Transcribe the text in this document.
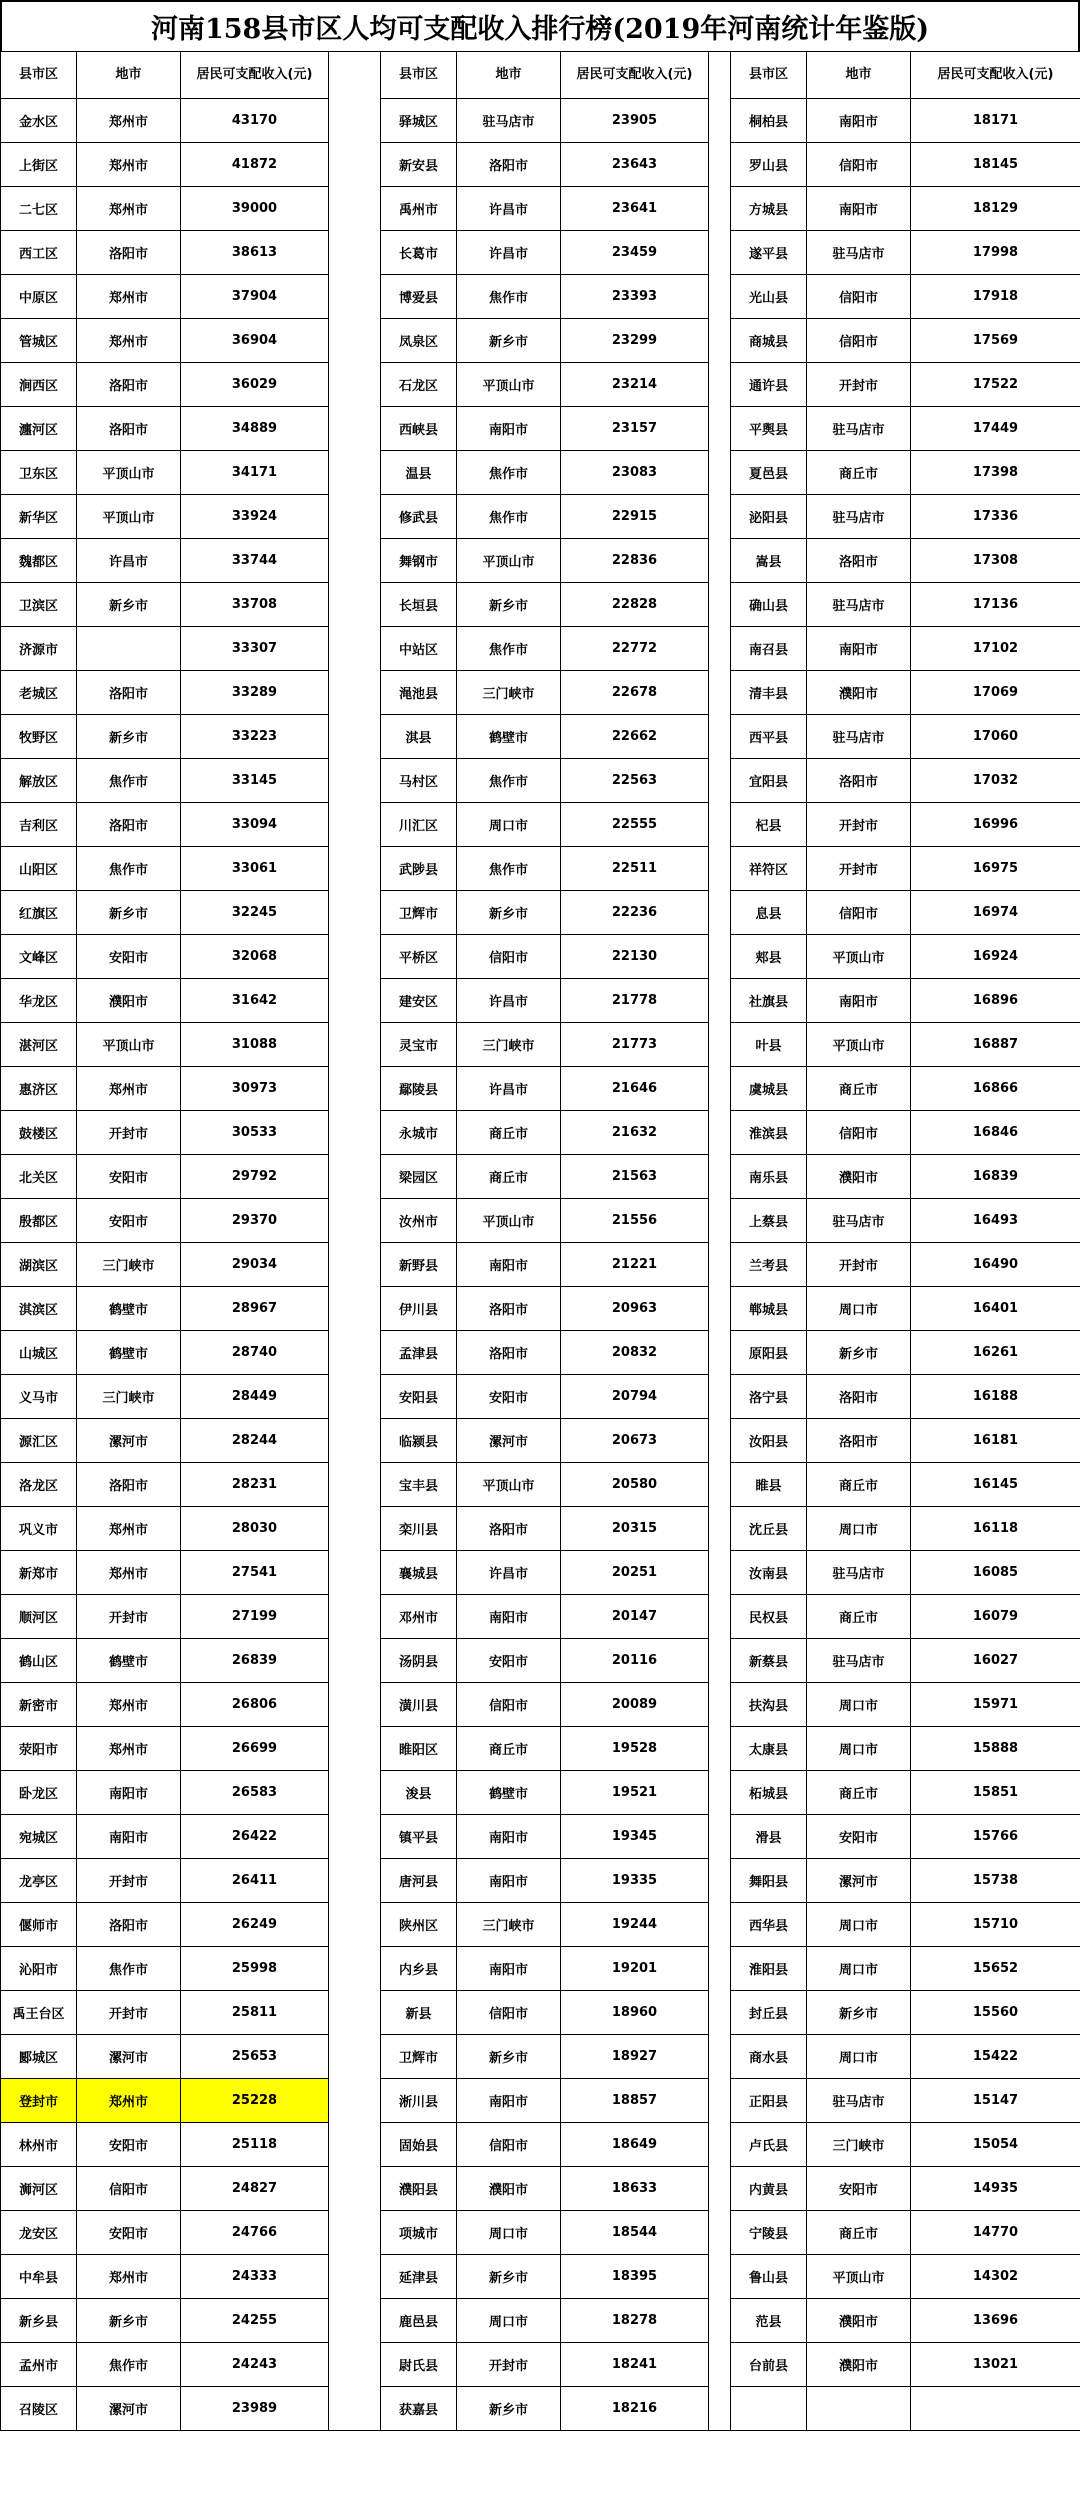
河南158县市区人均可支配收入排行榜(2019年河南统计年鉴版)
县市区	地市	居民可支配收入(元)		县市区	地市	居民可支配收入(元)		县市区	地市	居民可支配收入(元)
金水区	郑州市	43170		驿城区	驻马店市	23905		桐柏县	南阳市	18171
上街区	郑州市	41872		新安县	洛阳市	23643		罗山县	信阳市	18145
二七区	郑州市	39000		禹州市	许昌市	23641		方城县	南阳市	18129
西工区	洛阳市	38613		长葛市	许昌市	23459		遂平县	驻马店市	17998
中原区	郑州市	37904		博爱县	焦作市	23393		光山县	信阳市	17918
管城区	郑州市	36904		凤泉区	新乡市	23299		商城县	信阳市	17569
涧西区	洛阳市	36029		石龙区	平顶山市	23214		通许县	开封市	17522
瀍河区	洛阳市	34889		西峡县	南阳市	23157		平舆县	驻马店市	17449
卫东区	平顶山市	34171		温县	焦作市	23083		夏邑县	商丘市	17398
新华区	平顶山市	33924		修武县	焦作市	22915		泌阳县	驻马店市	17336
魏都区	许昌市	33744		舞钢市	平顶山市	22836		嵩县	洛阳市	17308
卫滨区	新乡市	33708		长垣县	新乡市	22828		确山县	驻马店市	17136
济源市		33307		中站区	焦作市	22772		南召县	南阳市	17102
老城区	洛阳市	33289		渑池县	三门峡市	22678		清丰县	濮阳市	17069
牧野区	新乡市	33223		淇县	鹤壁市	22662		西平县	驻马店市	17060
解放区	焦作市	33145		马村区	焦作市	22563		宜阳县	洛阳市	17032
吉利区	洛阳市	33094		川汇区	周口市	22555		杞县	开封市	16996
山阳区	焦作市	33061		武陟县	焦作市	22511		祥符区	开封市	16975
红旗区	新乡市	32245		卫辉市	新乡市	22236		息县	信阳市	16974
文峰区	安阳市	32068		平桥区	信阳市	22130		郏县	平顶山市	16924
华龙区	濮阳市	31642		建安区	许昌市	21778		社旗县	南阳市	16896
湛河区	平顶山市	31088		灵宝市	三门峡市	21773		叶县	平顶山市	16887
惠济区	郑州市	30973		鄢陵县	许昌市	21646		虞城县	商丘市	16866
鼓楼区	开封市	30533		永城市	商丘市	21632		淮滨县	信阳市	16846
北关区	安阳市	29792		梁园区	商丘市	21563		南乐县	濮阳市	16839
殷都区	安阳市	29370		汝州市	平顶山市	21556		上蔡县	驻马店市	16493
湖滨区	三门峡市	29034		新野县	南阳市	21221		兰考县	开封市	16490
淇滨区	鹤壁市	28967		伊川县	洛阳市	20963		郸城县	周口市	16401
山城区	鹤壁市	28740		孟津县	洛阳市	20832		原阳县	新乡市	16261
义马市	三门峡市	28449		安阳县	安阳市	20794		洛宁县	洛阳市	16188
源汇区	漯河市	28244		临颍县	漯河市	20673		汝阳县	洛阳市	16181
洛龙区	洛阳市	28231		宝丰县	平顶山市	20580		睢县	商丘市	16145
巩义市	郑州市	28030		栾川县	洛阳市	20315		沈丘县	周口市	16118
新郑市	郑州市	27541		襄城县	许昌市	20251		汝南县	驻马店市	16085
顺河区	开封市	27199		邓州市	南阳市	20147		民权县	商丘市	16079
鹤山区	鹤壁市	26839		汤阴县	安阳市	20116		新蔡县	驻马店市	16027
新密市	郑州市	26806		潢川县	信阳市	20089		扶沟县	周口市	15971
荥阳市	郑州市	26699		睢阳区	商丘市	19528		太康县	周口市	15888
卧龙区	南阳市	26583		浚县	鹤壁市	19521		柘城县	商丘市	15851
宛城区	南阳市	26422		镇平县	南阳市	19345		滑县	安阳市	15766
龙亭区	开封市	26411		唐河县	南阳市	19335		舞阳县	漯河市	15738
偃师市	洛阳市	26249		陕州区	三门峡市	19244		西华县	周口市	15710
沁阳市	焦作市	25998		内乡县	南阳市	19201		淮阳县	周口市	15652
禹王台区	开封市	25811		新县	信阳市	18960		封丘县	新乡市	15560
郾城区	漯河市	25653		卫辉市	新乡市	18927		商水县	周口市	15422
登封市	郑州市	25228		淅川县	南阳市	18857		正阳县	驻马店市	15147
林州市	安阳市	25118		固始县	信阳市	18649		卢氏县	三门峡市	15054
浉河区	信阳市	24827		濮阳县	濮阳市	18633		内黄县	安阳市	14935
龙安区	安阳市	24766		项城市	周口市	18544		宁陵县	商丘市	14770
中牟县	郑州市	24333		延津县	新乡市	18395		鲁山县	平顶山市	14302
新乡县	新乡市	24255		鹿邑县	周口市	18278		范县	濮阳市	13696
孟州市	焦作市	24243		尉氏县	开封市	18241		台前县	濮阳市	13021
召陵区	漯河市	23989		获嘉县	新乡市	18216				
